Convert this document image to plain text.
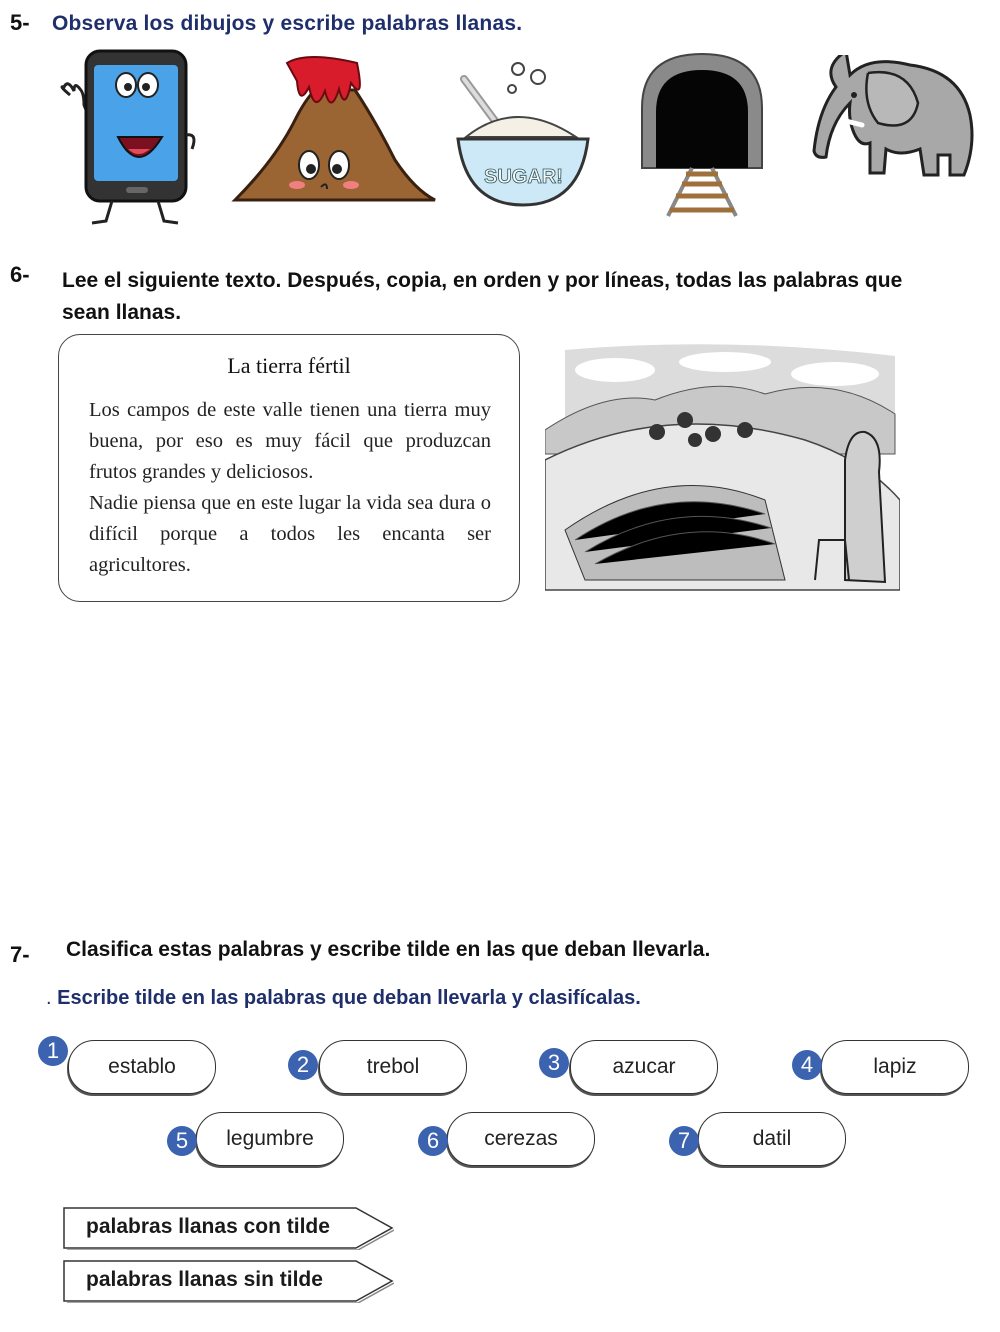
5- Observa los dibujos y escribe palabras llanas.
SUGAR!
6- Lee el siguiente texto. Después, copia, en orden y por líneas, todas las palabras que sean llanas.
La tierra fértil

Los campos de este valle tienen una tierra muy buena, por eso es muy fácil que produzcan frutos grandes y deliciosos.

Nadie piensa que en este lugar la vida sea dura o difícil porque a todos les encanta ser agricultores.

7- Clasifica estas palabras y escribe tilde en las que deban llevarla.
. Escribe tilde en las palabras que deban llevarla y clasifícalas.
establo
1
trebol
2	azucar
3	lapiz
4
legumbre
5	cerezas
6	datil
7
palabras llanas con tilde
palabras llanas sin tilde
